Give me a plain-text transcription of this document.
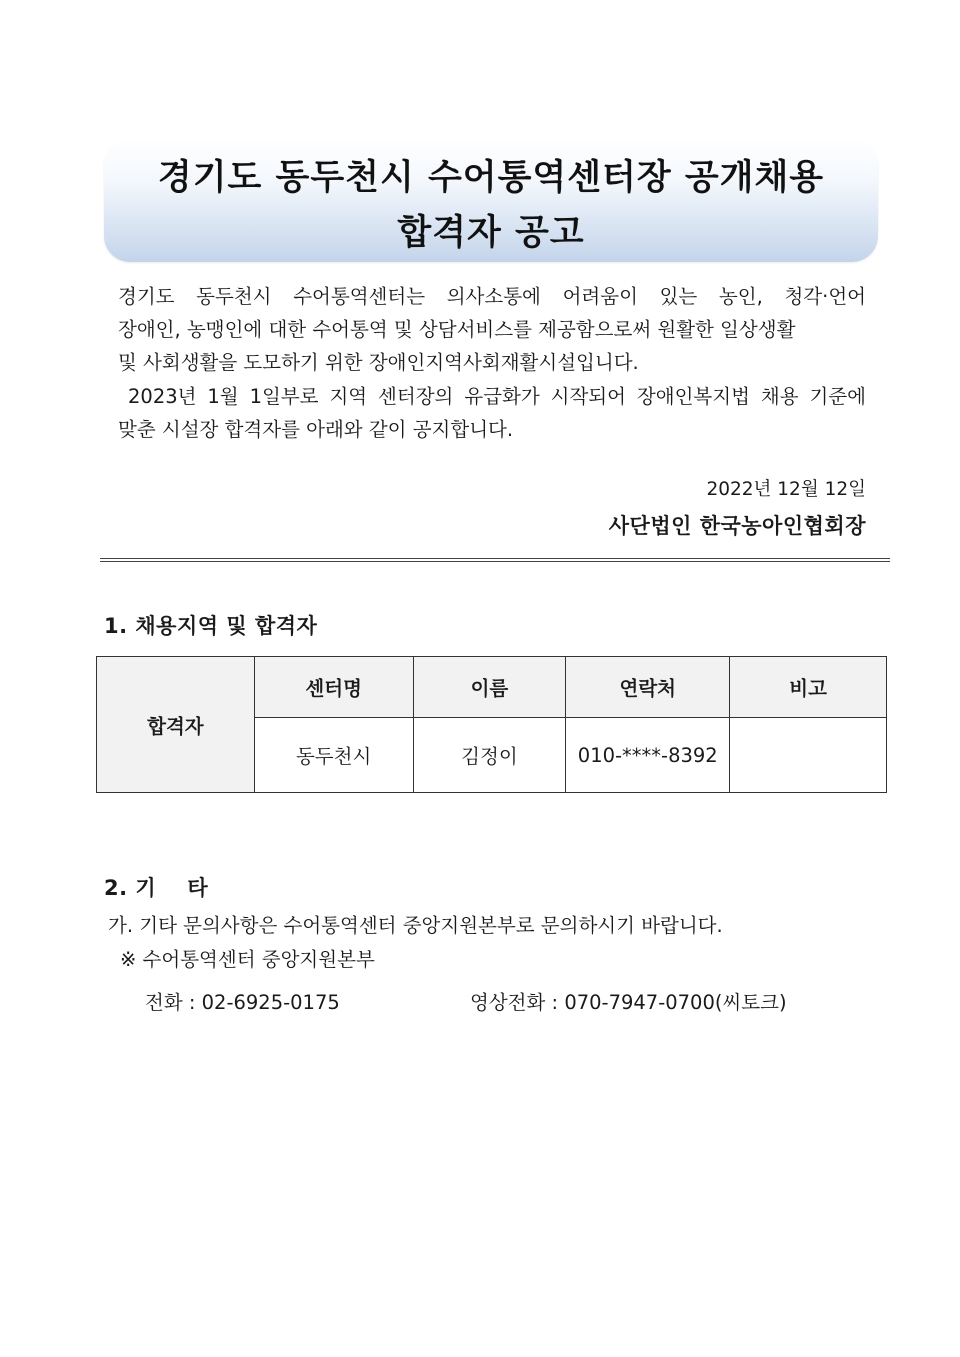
경기도 동두천시 수어통역센터장 공개채용
합격자 공고
경기도 동두천시 수어통역센터는 의사소통에 어려움이 있는 농인, 청각‧언어
장애인, 농맹인에 대한 수어통역 및 상담서비스를 제공함으로써 원활한 일상생활
및 사회생활을 도모하기 위한 장애인지역사회재활시설입니다.
2023년 1월 1일부로 지역 센터장의 유급화가 시작되어 장애인복지법 채용 기준에
맞춘 시설장 합격자를 아래와 같이 공지합니다.
2022년 12월 12일
사단법인 한국농아인협회장
1. 채용지역 및 합격자
합격자	센터명	이름	연락처	비고
	동두천시	김정이	010-****-8392	
2. 기    타
가. 기타 문의사항은 수어통역센터 중앙지원본부로 문의하시기 바랍니다.
※ 수어통역센터 중앙지원본부
전화 : 02-6925-0175	영상전화 : 070-7947-0700(씨토크)
